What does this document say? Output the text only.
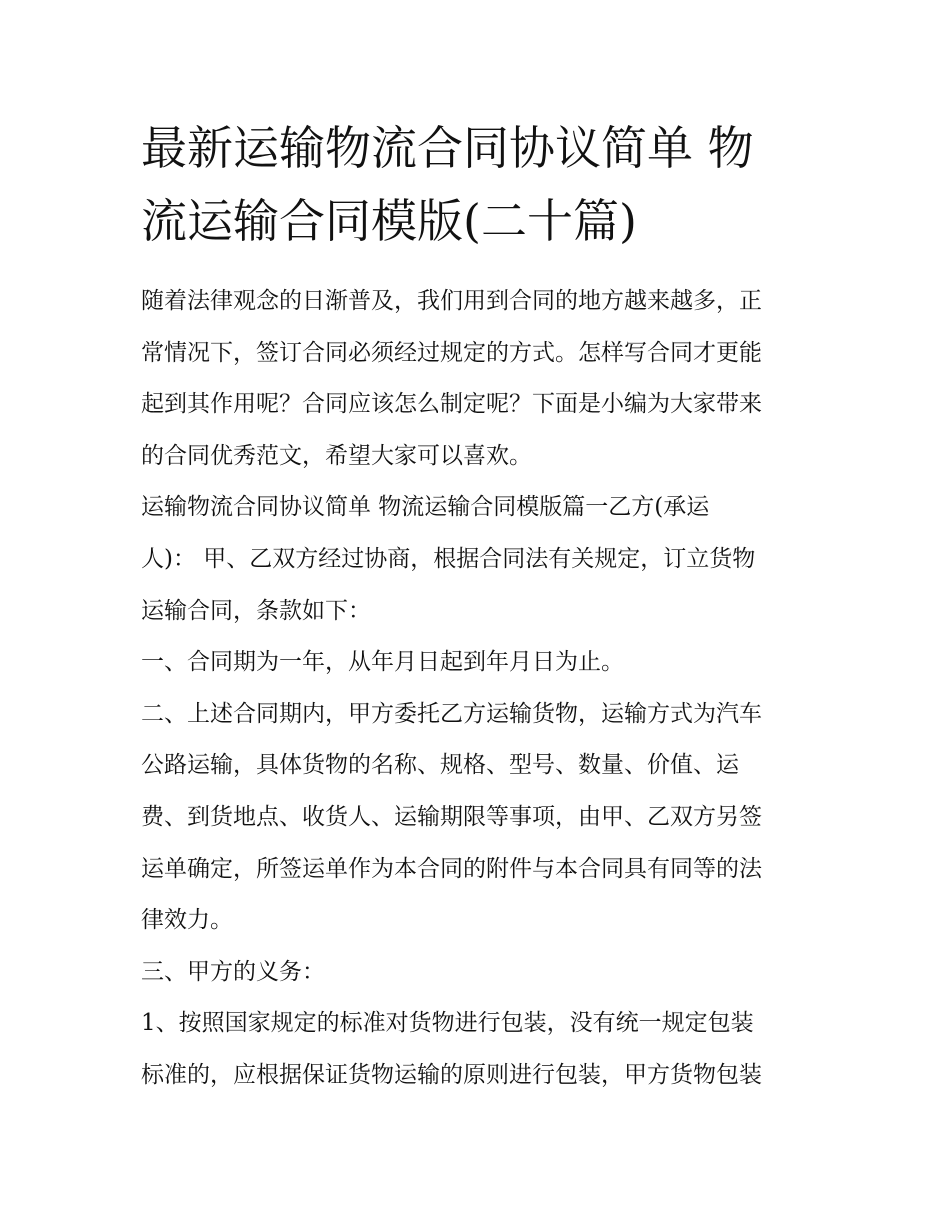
最新运输物流合同协议简单 物
流运输合同模版(二十篇)
随着法律观念的日渐普及，我们用到合同的地方越来越多，正
常情况下，签订合同必须经过规定的方式。怎样写合同才更能
起到其作用呢？合同应该怎么制定呢？下面是小编为大家带来
的合同优秀范文，希望大家可以喜欢。
运输物流合同协议简单 物流运输合同模版篇一乙方(承运
人)： 甲、乙双方经过协商，根据合同法有关规定，订立货物
运输合同，条款如下：
一、合同期为一年，从年月日起到年月日为止。
二、上述合同期内，甲方委托乙方运输货物，运输方式为汽车
公路运输，具体货物的名称、规格、型号、数量、价值、运
费、到货地点、收货人、运输期限等事项，由甲、乙双方另签
运单确定，所签运单作为本合同的附件与本合同具有同等的法
律效力。
三、甲方的义务：
1、按照国家规定的标准对货物进行包装，没有统一规定包装
标准的，应根据保证货物运输的原则进行包装，甲方货物包装
